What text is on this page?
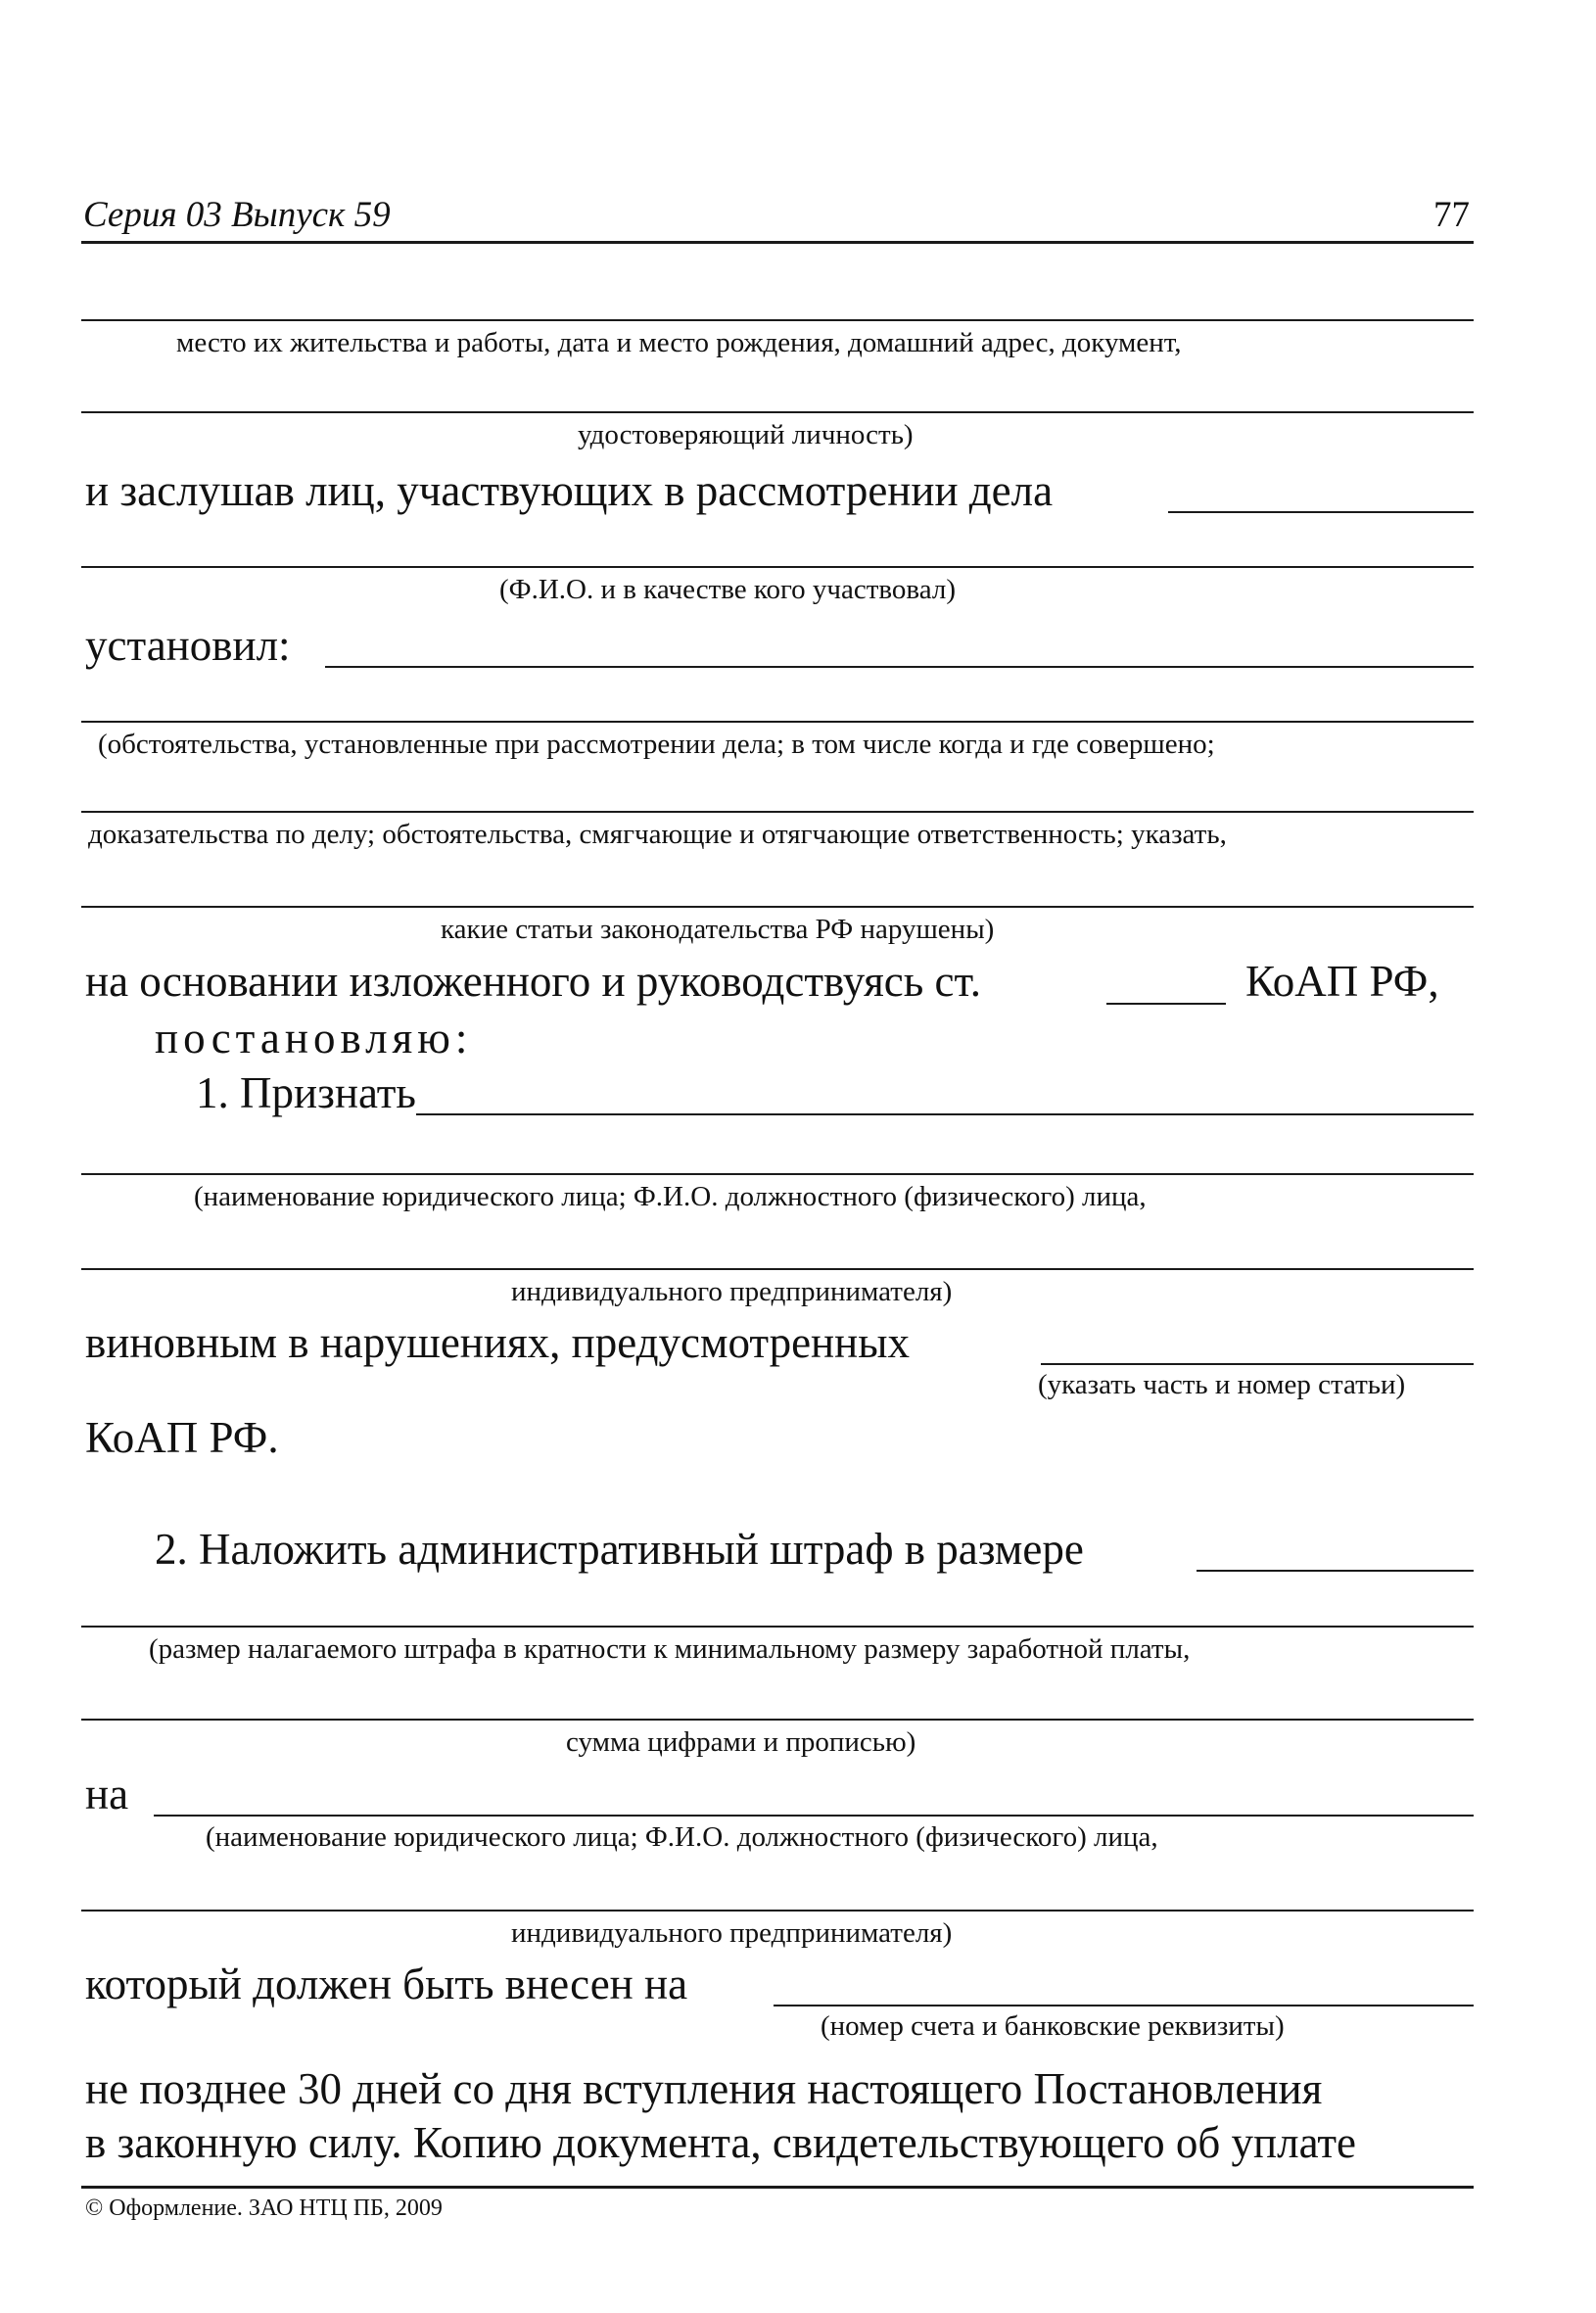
Серия 03 Выпуск 59	77
место их жительства и работы, дата и место рождения, домашний адрес, документ,
удостоверяющий личность)
и заслушав лиц, участвующих в рассмотрении дела
(Ф.И.О. и в качестве кого участвовал)
установил:
(обстоятельства, установленные при рассмотрении дела; в том числе когда и где совершено;
доказательства по делу; обстоятельства, смягчающие и отягчающие ответственность; указать,
какие статьи законодательства РФ нарушены)
на основании изложенного и руководствуясь ст.	КоАП РФ,
постановляю:
1. Признать
(наименование юридического лица; Ф.И.О. должностного (физического) лица,
индивидуального предпринимателя)
виновным в нарушениях, предусмотренных
(указать часть и номер статьи)
КоАП РФ.
2. Наложить административный штраф в размере
(размер налагаемого штрафа в кратности к минимальному размеру заработной платы,
сумма цифрами и прописью)
на
(наименование юридического лица; Ф.И.О. должностного (физического) лица,
индивидуального предпринимателя)
который должен быть внесен на
(номер счета и банковские реквизиты)
не позднее 30 дней со дня вступления настоящего Постановления
в законную силу. Копию документа, свидетельствующего об уплате
© Оформление. ЗАО НТЦ ПБ, 2009
